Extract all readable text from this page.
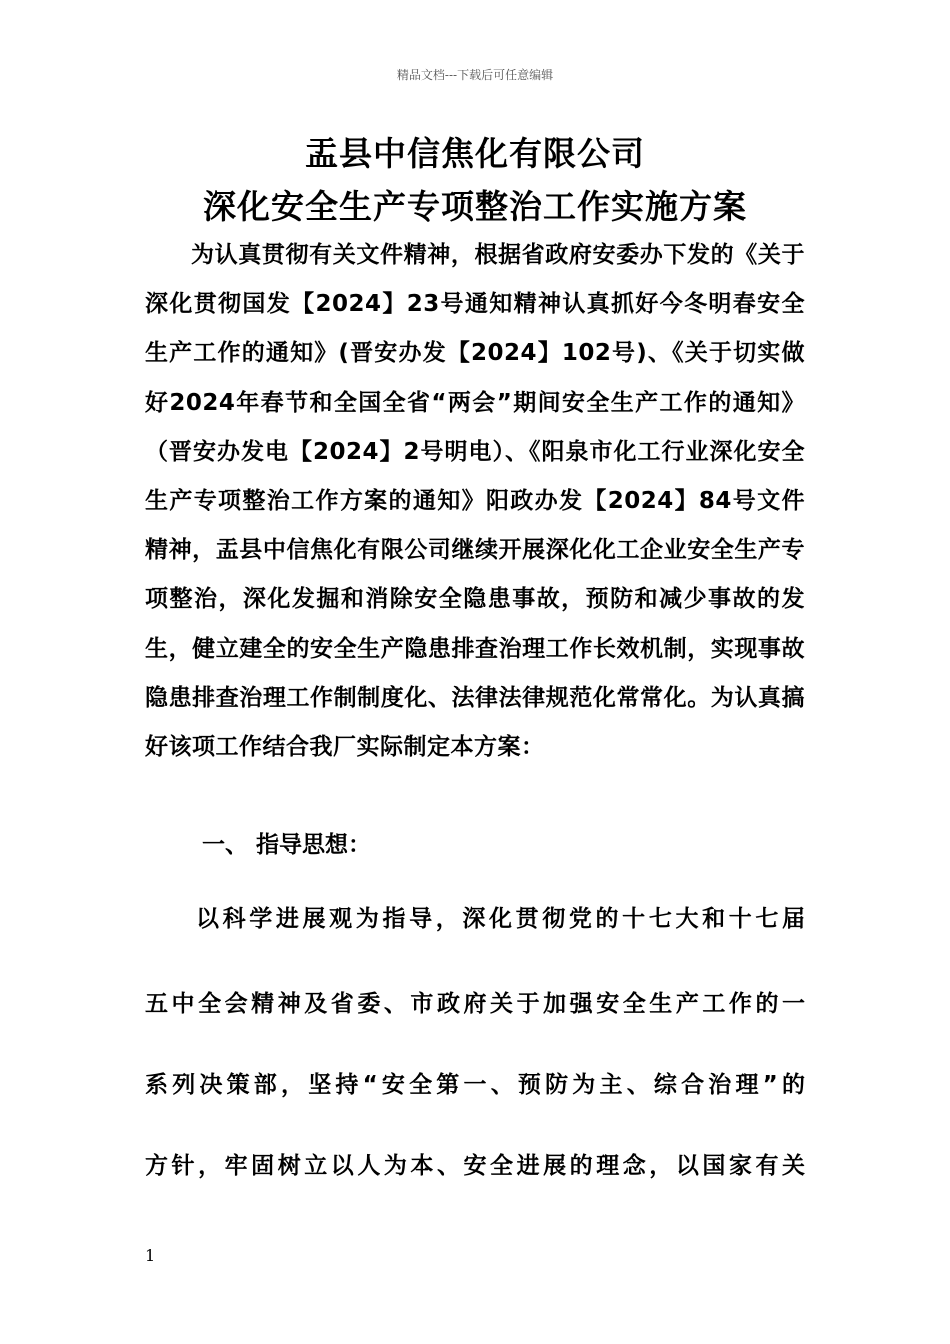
精品文档---下载后可任意编辑
盂县中信焦化有限公司
深化安全生产专项整治工作实施方案

为认真贯彻有关文件精神，根据省政府安委办下发的《关于深化贯彻国发【2024】23号通知精神认真抓好今冬明春安全生产工作的通知》(晋安办发【2024】102号)、《关于切实做好2024年春节和全国全省“两会”期间安全生产工作的通知》（晋安办发电【2024】2号明电）、《阳泉市化工行业深化安全生产专项整治工作方案的通知》阳政办发【2024】84号文件精神，盂县中信焦化有限公司继续开展深化化工企业安全生产专项整治，深化发掘和消除安全隐患事故，预防和减少事故的发生，健立建全的安全生产隐患排查治理工作长效机制，实现事故隐患排查治理工作制制度化、法律法律规范化常常化。为认真搞好该项工作结合我厂实际制定本方案：

一、 指导思想：
以科学进展观为指导，深化贯彻党的十七大和十七届
五中全会精神及省委、市政府关于加强安全生产工作的一
系列决策部，坚持“安全第一、预防为主、综合治理”的
方针，牢固树立以人为本、安全进展的理念，以国家有关
1
